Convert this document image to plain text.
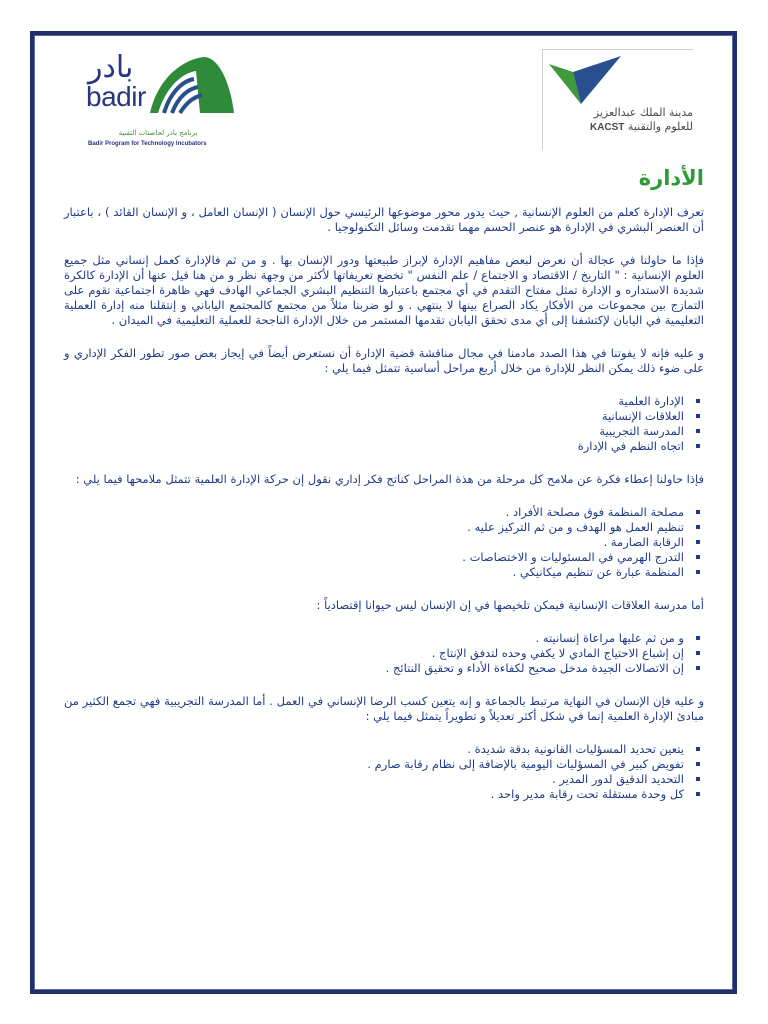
بادر
badir
برنامج بادر لحاضنات التقنية
Badir Program for Technology Incubators
مدينة الملك عبدالعزيز
للعلوم والتقنية KACST
الأدارة

تعرف الإدارة كعلم من العلوم الإنسانية , حيث يدور محور موضوعها الرئيسي حول الإنسان ( الإنسان العامل ، و الإنسان القائد ) ، باعتبار أن العنصر البشري في الإدارة هو عنصر الحسم مهما تقدمت وسائل التكنولوجيا .

فإذا ما حاولنا في عجالة أن نعرض لبعض مفاهيم الإدارة لإبراز طبيعتها ودور الإنسان بها . و من ثم فالإدارة كعمل إنساني مثل جميع العلوم الإنسانية : " التاريخ / الاقتصاد و الاجتماع / علم النفس " تخضع تعريفاتها لأكثر من وجهة نظر و من هنا قيل عنها أن الإدارة كالكرة شديدة الاستداره و الإدارة تمثل مفتاح التقدم في أي مجتمع باعتبارها التنظيم البشري الجماعي الهادف فهي ظاهرة اجتماعية تقوم على التمازج بين مجموعات من الأفكار يكاد الصراع بينها لا ينتهي . و لو ضربنا مثلاً من مجتمع كالمجتمع الياباني و إنتقلنا منه إدارة العملية التعليمية في اليابان لإكتشفنا إلى أي مدى تحقق اليابان تقدمها المستمر من خلال الإدارة الناجحة للعملية التعليمية في الميدان .

و عليه فإنه لا يفوتنا في هذا الصدد مادمنا في مجال مناقشة قضية الإدارة أن نستعرض أيضاً في إيجاز بعض صور تطور الفكر الإداري و على ضوء ذلك يمكن النظر للإدارة من خلال أربع مراحل أساسية تتمثل فيما يلي :

الإدارة العلمية
العلاقات الإنسانية
المدرسة التجريبية
اتجاه النظم في الإدارة

فإذا حاولنا إعطاء فكرة عن ملامح كل مرحلة من هذة المراحل كناتج فكر إداري نقول إن حركة الإدارة العلمية تتمثل ملامحها فيما يلي :

مصلحة المنظمة فوق مصلحة الأفراد .
تنظيم العمل هو الهدف و من ثم التركيز عليه .
الرقابة الصارمة .
التدرج الهرمي في المسئوليات و الاختصاصات .
المنظمة عبارة عن تنظيم ميكانيكي .

أما مدرسة العلاقات الإنسانية فيمكن تلخيصها في إن الإنسان ليس حيوانا إقتصادياً :

و من ثم عليها مراعاة إنسانيته .
إن إشباع الاحتياج المادي لا يكفي وحده لتدفق الإنتاج .
إن الاتصالات الجيدة مدخل صحيح لكفاءة الأداء و تحقيق النتائج .

و عليه فإن الإنسان في النهاية مرتبط بالجماعة و إنه يتعين كسب الرضا الإنساني في العمل . أما المدرسة التجريبية فهي تجمع الكثير من مبادئ الإدارة العلمية إنما في شكل أكثر تعديلاً و تطويراً يتمثل فيما يلي :

يتعين تحديد المسؤليات القانونية بدقة شديدة .
تفويض كبير في المسؤليات اليومية بالإضافة إلى نظام رقابة صارم .
التحديد الدقيق لدور المدير .
كل وحدة مستقلة تحت رقابة مدير واحد .
